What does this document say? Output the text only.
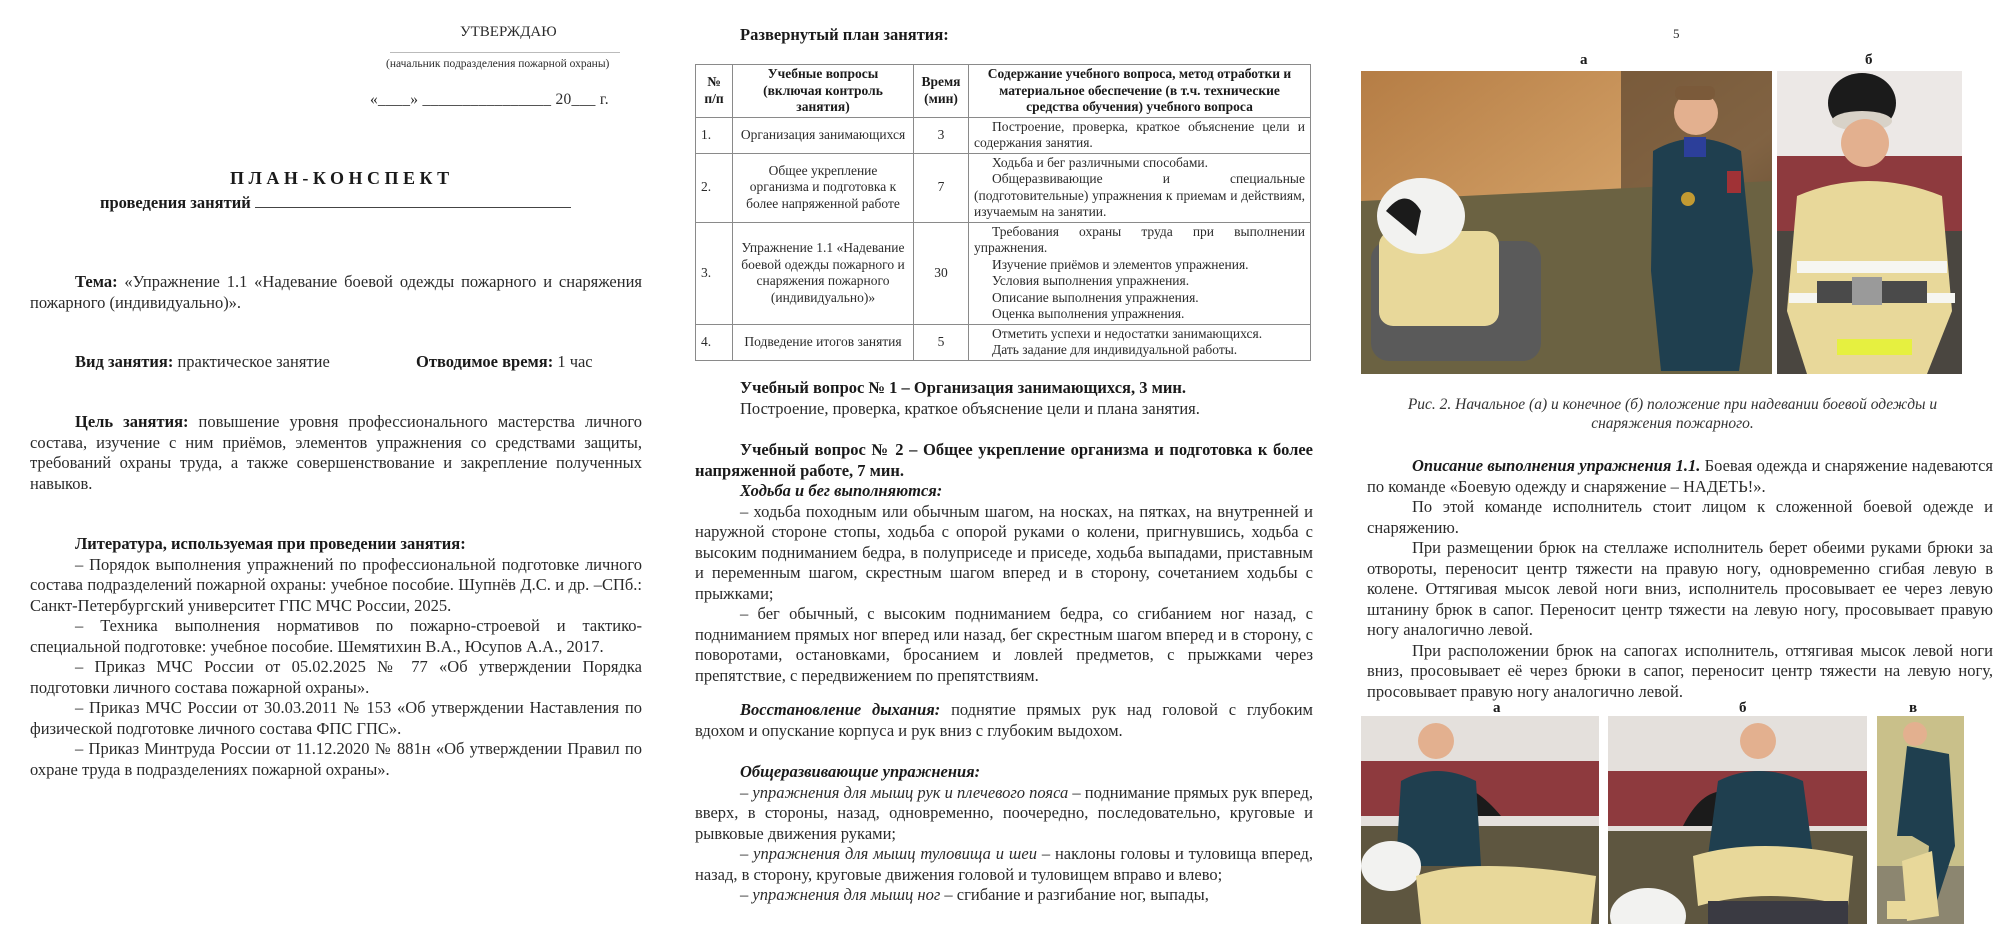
УТВЕРЖДАЮ
(начальник подразделения пожарной охраны)
«____» ________________ 20___ г.
ПЛАН-КОНСПЕКТ
проведения занятий

Тема: «Упражнение 1.1 «Надевание боевой одежды пожарного и снаряжения пожарного (индивидуально)».

Вид занятия: практическое занятие	Отводимое время: 1 час

Цель занятия: повышение уровня профессионального мастерства личного состава, изучение с ним приёмов, элементов упражнения со средствами защиты, требований охраны труда, а также совершенствование и закрепление полученных навыков.

Литература, используемая при проведении занятия:

– Порядок выполнения упражнений по профессиональной подготовке личного состава подразделений пожарной охраны: учебное пособие. Шупнёв Д.С. и др. –СПб.: Санкт-Петербургский университет ГПС МЧС России, 2025.

– Техника выполнения нормативов по пожарно-строевой и тактико-специальной подготовке: учебное пособие. Шемятихин В.А., Юсупов А.А., 2017.

– Приказ МЧС России от 05.02.2025 № 77 «Об утверждении Порядка подготовки личного состава пожарной охраны».

– Приказ МЧС России от 30.03.2011 № 153 «Об утверждении Наставления по физической подготовке личного состава ФПС ГПС».

– Приказ Минтруда России от 11.12.2020 № 881н «Об утверждении Правил по охране труда в подразделениях пожарной охраны».

Развернутый план занятия:
№ п/п	Учебные вопросы (включая контроль занятия)	Время (мин)	Содержание учебного вопроса, метод отработки и материальное обеспечение (в т.ч. технические средства обучения) учебного вопроса
1.	Организация занимающихся	3	Построение, проверка, краткое объяснение цели и содержания занятия.

2.	Общее укрепление организма и подготовка к более напряженной работе	7	Ходьба и бег различными способами.

Общеразвивающие и специальные (подготовительные) упражнения к приемам и действиям, изучаемым на занятии.

3.	Упражнение 1.1 «Надевание боевой одежды пожарного и снаряжения пожарного (индивидуально)»	30	Требования охраны труда при выполнении упражнения.

Изучение приёмов и элементов упражнения.

Условия выполнения упражнения.

Описание выполнения упражнения.

Оценка выполнения упражнения.

4.	Подведение итогов занятия	5	Отметить успехи и недостатки занимающихся.

Дать задание для индивидуальной работы.

Учебный вопрос № 1 – Организация занимающихся, 3 мин.

Построение, проверка, краткое объяснение цели и плана занятия.

Учебный вопрос № 2 – Общее укрепление организма и подготовка к более напряженной работе, 7 мин.

Ходьба и бег выполняются:

– ходьба походным или обычным шагом, на носках, на пятках, на внутренней и наружной стороне стопы, ходьба с опорой руками о колени, пригнувшись, ходьба с высоким подниманием бедра, в полуприседе и приседе, ходьба выпадами, приставным и переменным шагом, скрестным шагом вперед и в сторону, сочетанием ходьбы с прыжками;

– бег обычный, с высоким подниманием бедра, со сгибанием ног назад, с подниманием прямых ног вперед или назад, бег скрестным шагом вперед и в сторону, с поворотами, остановками, бросанием и ловлей предметов, с прыжками через препятствие, с передвижением по препятствиям.

Восстановление дыхания: поднятие прямых рук над головой с глубоким вдохом и опускание корпуса и рук вниз с глубоким выдохом.

Общеразвивающие упражнения:

– упражнения для мышц рук и плечевого пояса – поднимание прямых рук вперед, вверх, в стороны, назад, одновременно, поочередно, последовательно, круговые и рывковые движения руками;

– упражнения для мышц туловища и шеи – наклоны головы и туловища вперед, назад, в сторону, круговые движения головой и туловищем вправо и влево;

– упражнения для мышц ног – сгибание и разгибание ног, выпады,

5
а	б
Рис. 2. Начальное (а) и конечное (б) положение при надевании боевой одежды и снаряжения пожарного.

Описание выполнения упражнения 1.1. Боевая одежда и снаряжение надеваются по команде «Боевую одежду и снаряжение – НАДЕТЬ!».

По этой команде исполнитель стоит лицом к сложенной боевой одежде и снаряжению.

При размещении брюк на стеллаже исполнитель берет обеими руками брюки за отвороты, переносит центр тяжести на правую ногу, одновременно сгибая левую в колене. Оттягивая мысок левой ноги вниз, исполнитель просовывает ее через левую штанину брюк в сапог. Переносит центр тяжести на левую ногу, просовывает правую ногу аналогично левой.

При расположении брюк на сапогах исполнитель, оттягивая мысок левой ноги вниз, просовывает её через брюки в сапог, переносит центр тяжести на левую ногу, просовывает правую ногу аналогично левой.

а	б	в
